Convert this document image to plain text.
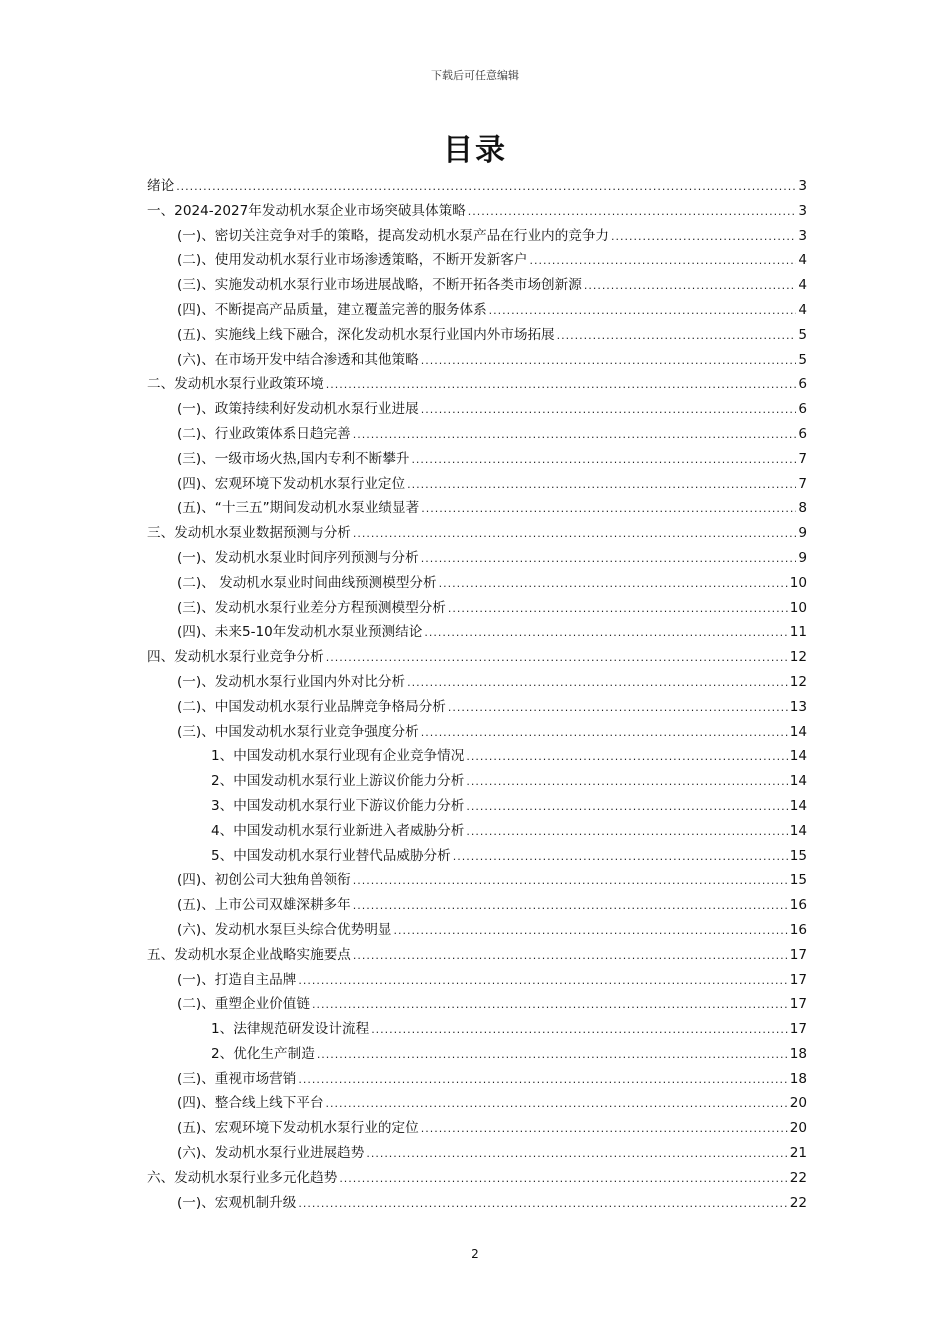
下载后可任意编辑
目录
绪论 .....	3
一、2024-2027年发动机水泵企业市场突破具体策略 .....	3
(一)、密切关注竞争对手的策略，提高发动机水泵产品在行业内的竞争力 .....	3
(二)、使用发动机水泵行业市场渗透策略，不断开发新客户 .....	4
(三)、实施发动机水泵行业市场进展战略，不断开拓各类市场创新源 .....	4
(四)、不断提高产品质量，建立覆盖完善的服务体系 .....	4
(五)、实施线上线下融合，深化发动机水泵行业国内外市场拓展 .....	5
(六)、在市场开发中结合渗透和其他策略 .....	5
二、发动机水泵行业政策环境 .....	6
(一)、政策持续利好发动机水泵行业进展 .....	6
(二)、行业政策体系日趋完善 .....	6
(三)、一级市场火热,国内专利不断攀升 .....	7
(四)、宏观环境下发动机水泵行业定位 .....	7
(五)、“十三五”期间发动机水泵业绩显著 .....	8
三、发动机水泵业数据预测与分析 .....	9
(一)、发动机水泵业时间序列预测与分析 .....	9
(二)、 发动机水泵业时间曲线预测模型分析 .....	10
(三)、发动机水泵行业差分方程预测模型分析 .....	10
(四)、未来5-10年发动机水泵业预测结论 .....	11
四、发动机水泵行业竞争分析 .....	12
(一)、发动机水泵行业国内外对比分析 .....	12
(二)、中国发动机水泵行业品牌竞争格局分析 .....	13
(三)、中国发动机水泵行业竞争强度分析 .....	14
1、中国发动机水泵行业现有企业竞争情况 .....	14
2、中国发动机水泵行业上游议价能力分析 .....	14
3、中国发动机水泵行业下游议价能力分析 .....	14
4、中国发动机水泵行业新进入者威胁分析 .....	14
5、中国发动机水泵行业替代品威胁分析 .....	15
(四)、初创公司大独角兽领衔 .....	15
(五)、上市公司双雄深耕多年 .....	16
(六)、发动机水泵巨头综合优势明显 .....	16
五、发动机水泵企业战略实施要点 .....	17
(一)、打造自主品牌 .....	17
(二)、重塑企业价值链 .....	17
1、法律规范研发设计流程 .....	17
2、优化生产制造 .....	18
(三)、重视市场营销 .....	18
(四)、整合线上线下平台 .....	20
(五)、宏观环境下发动机水泵行业的定位 .....	20
(六)、发动机水泵行业进展趋势 .....	21
六、发动机水泵行业多元化趋势 .....	22
(一)、宏观机制升级 .....	22
2
